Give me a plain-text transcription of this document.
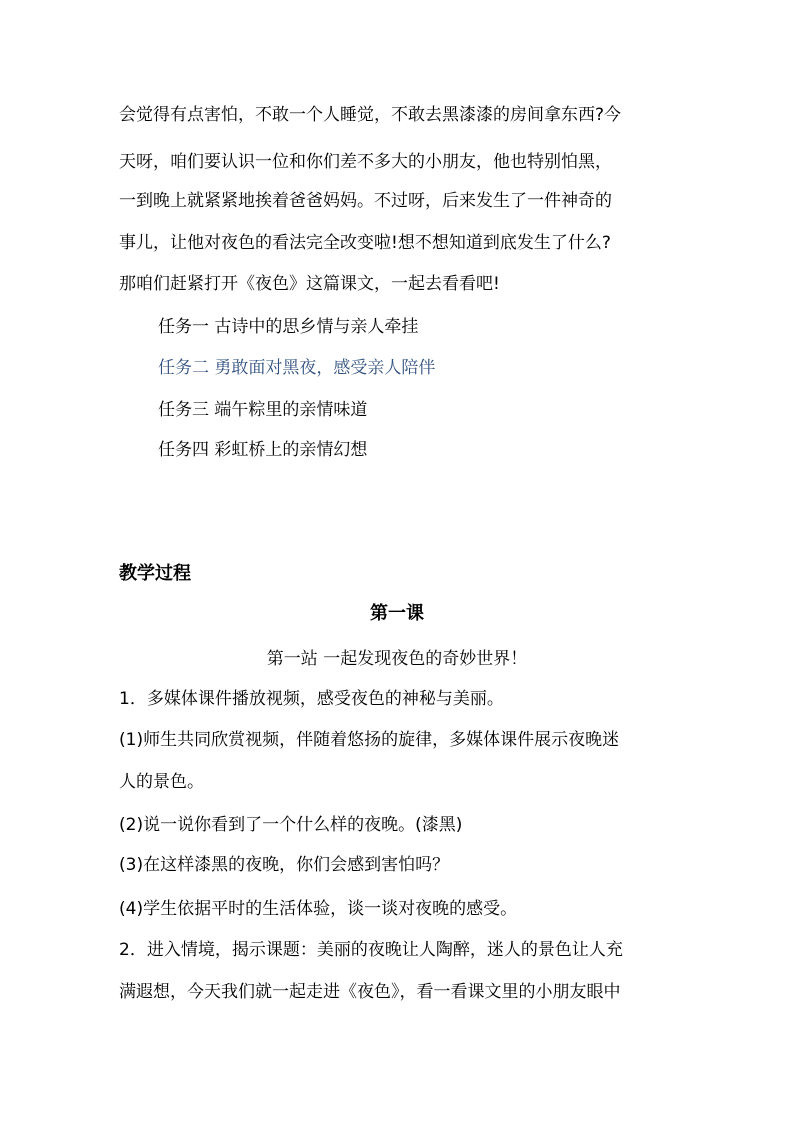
会觉得有点害怕，不敢一个人睡觉，不敢去黑漆漆的房间拿东西?今
天呀，咱们要认识一位和你们差不多大的小朋友，他也特别怕黑，
一到晚上就紧紧地挨着爸爸妈妈。不过呀，后来发生了一件神奇的
事儿，让他对夜色的看法完全改变啦!想不想知道到底发生了什么?
那咱们赶紧打开《夜色》这篇课文，一起去看看吧!
任务一 古诗中的思乡情与亲人牵挂
任务二 勇敢面对黑夜，感受亲人陪伴
任务三 端午粽里的亲情味道
任务四 彩虹桥上的亲情幻想
教学过程
第一课
第一站 一起发现夜色的奇妙世界！
1．多媒体课件播放视频，感受夜色的神秘与美丽。
(1)师生共同欣赏视频，伴随着悠扬的旋律，多媒体课件展示夜晚迷
人的景色。
(2)说一说你看到了一个什么样的夜晚。(漆黑)
(3)在这样漆黑的夜晚，你们会感到害怕吗？
(4)学生依据平时的生活体验，谈一谈对夜晚的感受。
2．进入情境，揭示课题：美丽的夜晚让人陶醉，迷人的景色让人充
满遐想，今天我们就一起走进《夜色》，看一看课文里的小朋友眼中
